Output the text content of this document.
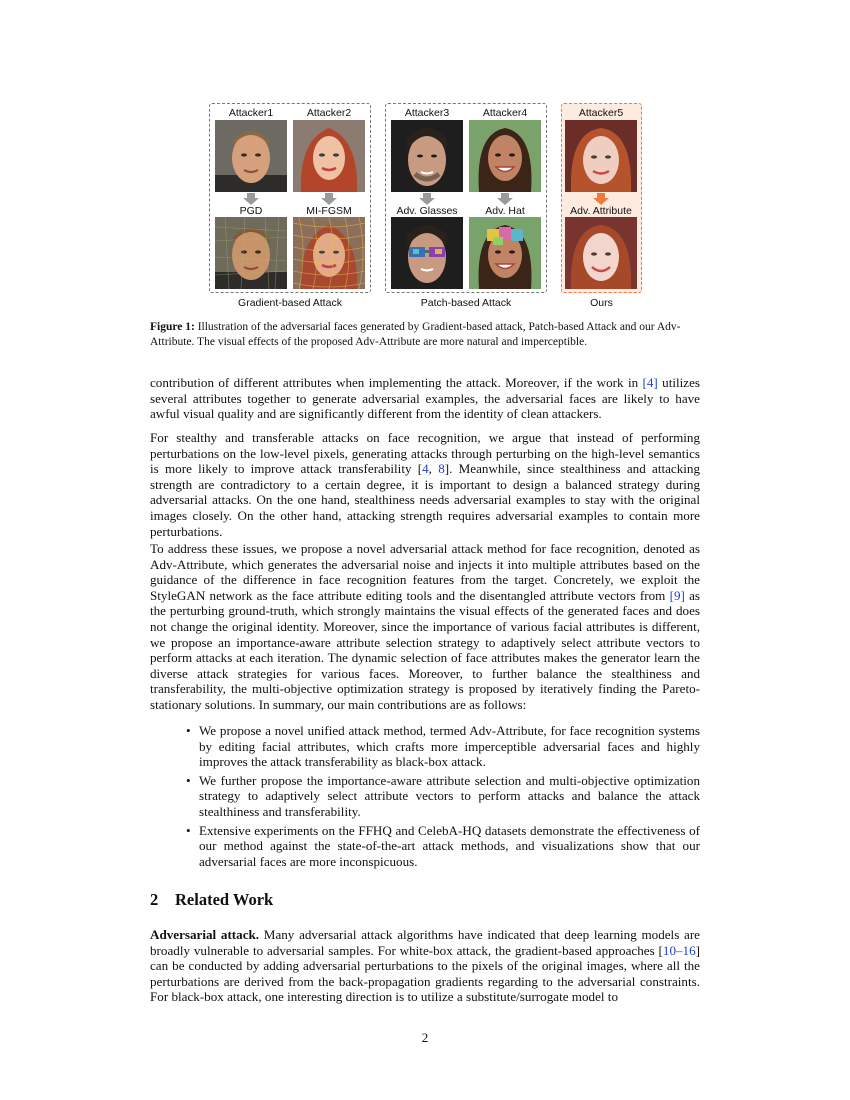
Attacker1	Attacker2
PGD	MI-FGSM
Gradient-based Attack
Attacker3	Attacker4
Adv. Glasses	Adv. Hat
Patch-based Attack
Attacker5
Adv. Attribute
Ours
Figure 1: Illustration of the adversarial faces generated by Gradient-based attack, Patch-based Attack and our Adv-Attribute. The visual effects of the proposed Adv-Attribute are more natural and imperceptible.
contribution of different attributes when implementing the attack. Moreover, if the work in [4] utilizes several attributes together to generate adversarial examples, the adversarial faces are likely to have awful visual quality and are significantly different from the identity of clean attackers.
For stealthy and transferable attacks on face recognition, we argue that instead of performing perturbations on the low-level pixels, generating attacks through perturbing on the high-level semantics is more likely to improve attack transferability [4, 8]. Meanwhile, since stealthiness and attacking strength are contradictory to a certain degree, it is important to design a balanced strategy during adversarial attacks. On the one hand, stealthiness needs adversarial examples to stay with the original images closely. On the other hand, attacking strength requires adversarial examples to contain more perturbations.
To address these issues, we propose a novel adversarial attack method for face recognition, denoted as Adv-Attribute, which generates the adversarial noise and injects it into multiple attributes based on the guidance of the difference in face recognition features from the target. Concretely, we exploit the StyleGAN network as the face attribute editing tools and the disentangled attribute vectors from [9] as the perturbing ground-truth, which strongly maintains the visual effects of the generated faces and does not change the original identity. Moreover, since the importance of various facial attributes is different, we propose an importance-aware attribute selection strategy to adaptively select attribute vectors to perform attacks at each iteration. The dynamic selection of face attributes makes the generator learn the diverse attack strategies for various faces. Moreover, to further balance the stealthiness and transferability, the multi-objective optimization strategy is proposed by iteratively finding the Pareto-stationary solutions. In summary, our main contributions are as follows:
• We propose a novel unified attack method, termed Adv-Attribute, for face recognition systems by editing facial attributes, which crafts more imperceptible adversarial faces and highly improves the attack transferability as black-box attack.
• We further propose the importance-aware attribute selection and multi-objective optimization strategy to adaptively select attribute vectors to perform attacks and balance the attack stealthiness and transferability.
• Extensive experiments on the FFHQ and CelebA-HQ datasets demonstrate the effectiveness of our method against the state-of-the-art attack methods, and visualizations show that our adversarial faces are more inconspicuous.
2 Related Work
Adversarial attack. Many adversarial attack algorithms have indicated that deep learning models are broadly vulnerable to adversarial samples. For white-box attack, the gradient-based approaches [10–16] can be conducted by adding adversarial perturbations to the pixels of the original images, where all the perturbations are derived from the back-propagation gradients regarding to the adversarial constraints. For black-box attack, one interesting direction is to utilize a substitute/surrogate model to
2
